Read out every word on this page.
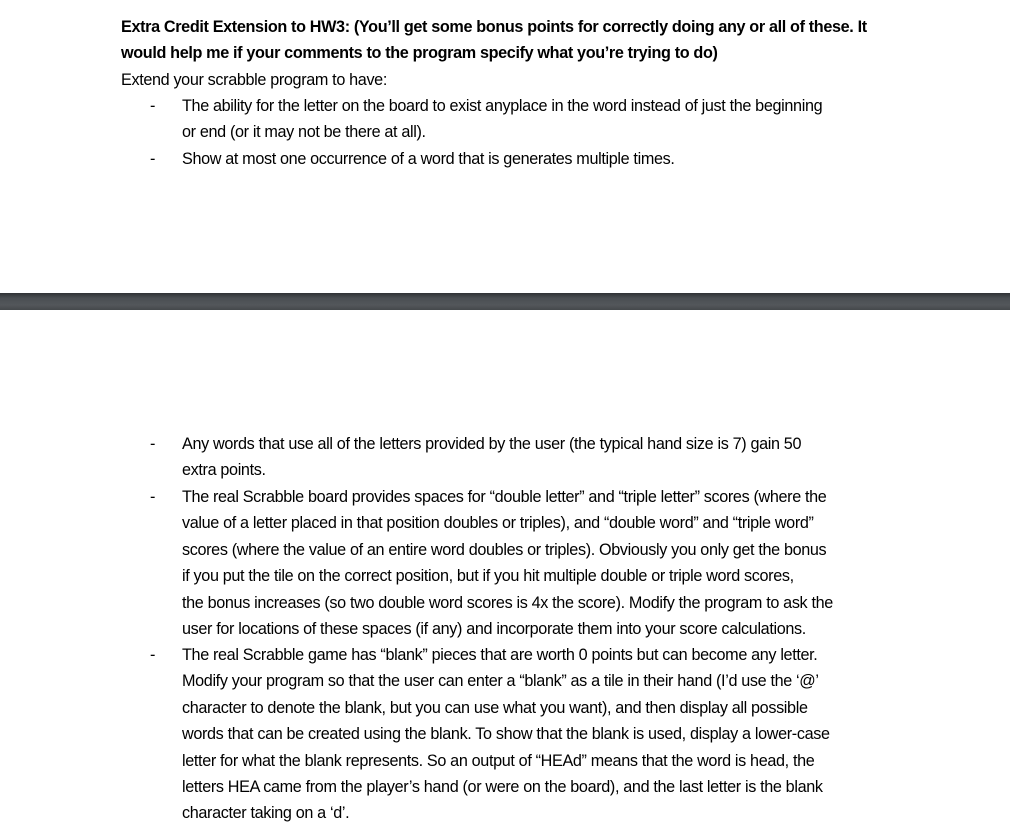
Extra Credit Extension to HW3: (You’ll get some bonus points for correctly doing any or all of these. It
would help me if your comments to the program specify what you’re trying to do)
Extend your scrabble program to have:
- The ability for the letter on the board to exist anyplace in the word instead of just the beginning
or end (or it may not be there at all).
- Show at most one occurrence of a word that is generates multiple times.
- Any words that use all of the letters provided by the user (the typical hand size is 7) gain 50
extra points.
- The real Scrabble board provides spaces for “double letter” and “triple letter” scores (where the
value of a letter placed in that position doubles or triples), and “double word” and “triple word”
scores (where the value of an entire word doubles or triples). Obviously you only get the bonus
if you put the tile on the correct position, but if you hit multiple double or triple word scores,
the bonus increases (so two double word scores is 4x the score). Modify the program to ask the
user for locations of these spaces (if any) and incorporate them into your score calculations.
- The real Scrabble game has “blank” pieces that are worth 0 points but can become any letter.
Modify your program so that the user can enter a “blank” as a tile in their hand (I’d use the ‘@’
character to denote the blank, but you can use what you want), and then display all possible
words that can be created using the blank. To show that the blank is used, display a lower-case
letter for what the blank represents. So an output of “HEAd” means that the word is head, the
letters HEA came from the player’s hand (or were on the board), and the last letter is the blank
character taking on a ‘d’.
